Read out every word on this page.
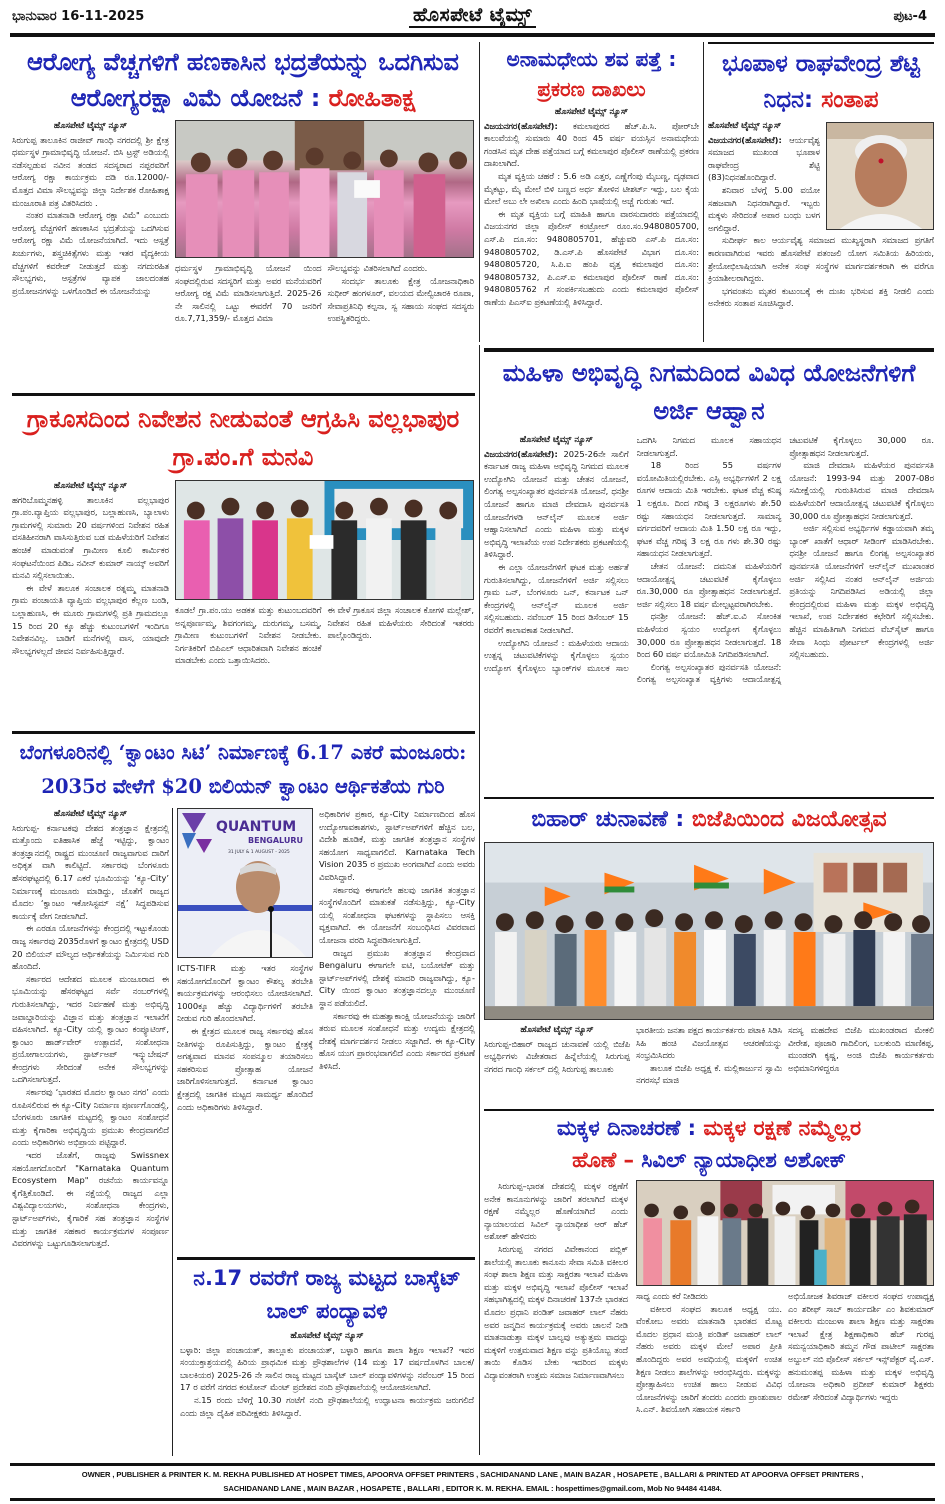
ಭಾನುವಾರ 16-11-2025	ಹೊಸಪೇಟೆ ಟೈಮ್ಸ್	ಪುಟ-4
ಆರೋಗ್ಯ ವೆಚ್ಚಗಳಿಗೆ ಹಣಕಾಸಿನ ಭದ್ರತೆಯನ್ನು ಒದಗಿಸುವ ಆರೋಗ್ಯರಕ್ಷಾ ವಿಮೆ ಯೋಜನೆ : ರೋಹಿತಾಕ್ಷ
ಹೊಸಪೇಟೆ ಟೈಮ್ಸ್ ನ್ಯೂಸ್

ಸಿರುಗುಪ್ಪ ತಾಲೂಕಿನ ರಾಜೀವ್ ಗಾಂಧಿ ನಗರದಲ್ಲಿ ಶ್ರೀ ಕ್ಷೇತ್ರ ಧರ್ಮಸ್ಥಳ ಗ್ರಾಮಾಭಿವೃದ್ಧಿ ಯೋಜನೆ. ಬಿಸಿ ಟ್ರಸ್ಟ್ ಅಡಿಯಲ್ಲಿ ನಡೆಸಲ್ಪಡುವ ನವೀನ ತಂಡದ ಸದಸ್ಯರಾದ ನಪ್ಪರವರಿಗೆ ಆರೋಗ್ಯ ರಕ್ಷಾ ಕಾರ್ಯಕ್ರಮ ದಡಿ ರೂ.12000/- ಮೊತ್ತದ ವಿಮಾ ಸೌಲಭ್ಯವನ್ನು ಜಿಲ್ಲಾ ನಿರ್ದೇಶಕ ರೋಹಿತಾಕ್ಷ ಮಂಜೂರಾತಿ ಪತ್ರ ವಿತರಿಸಿದರು .

ನಂತರ ಮಾತನಾಡಿ ಆರೋಗ್ಯ ರಕ್ಷಾ ವಿಮೆ" ಎಂಬುದು ಆರೋಗ್ಯ ವೆಚ್ಚಗಳಿಗೆ ಹಣಕಾಸಿನ ಭದ್ರತೆಯನ್ನು ಒದಗಿಸುವ ಆರೋಗ್ಯ ರಕ್ಷಾ ವಿಮೆ ಯೋಜನೆಯಾಗಿದೆ. ಇದು ಆಸ್ಪತ್ರೆ ಖರ್ಚುಗಳು, ಶಸ್ತ್ರಚಿಕಿತ್ಸೆಗಳು ಮತ್ತು ಇತರ ವೈದ್ಯಕೀಯ ವೆಚ್ಚಗಳಿಗೆ ಕವರೇಜ್ ನೀಡುತ್ತದೆ ಮತ್ತು ನಗದುರಹಿತ ಸೌಲಭ್ಯಗಳು, ಆಸ್ಪತ್ರೆಗಳ ವ್ಯಾಪಕ ಜಾಲದಂತಹ ಪ್ರಯೋಜನಗಳನ್ನು ಒಳಗೊಂಡಿದೆ ಈ ಯೋಜನೆಯನ್ನು

ಧರ್ಮಸ್ಥಳ ಗ್ರಾಮಾಭಿವೃದ್ಧಿ ಯೋಜನೆ ಯಿಂದ ಸಂಘದಲ್ಲಿರುವ ಸದಸ್ಯರಿಗೆ ಮತ್ತು ಅವರ ಮನೆಯವರಿಗೆ ಆರೋಗ್ಯ ರಕ್ಷ ವಿಮೆ ಮಾಡಿಸಲಾಗುತ್ತಿದೆ. 2025-26 ನೇ ಸಾಲಿನಲ್ಲಿ ಒಟ್ಟು ಈವರೆಗೆ 70 ಜನರಿಗೆ ರೂ.7,71,359/- ಮೊತ್ತದ ವಿಮಾ

ಸೌಲಭ್ಯವನ್ನು ವಿತರಿಸಲಾಗಿದೆ ಎಂದರು.

ಸಂದರ್ಭ ತಾಲೂಕು ಕ್ಷೇತ್ರ ಯೋಜನಾಧಿಕಾರಿ ಸುಧೀರ್ ಹಂಗಳೂರ್, ವಲಯದ ಮೇಲ್ವಿಚಾರಕಿ ರೂಪಾ, ಸೇವಾಪ್ರತಿನಿಧಿ ಕಲ್ಪನಾ, ಸ್ವ ಸಹಾಯ ಸಂಘದ ಸದಸ್ಯರು ಉಪಸ್ಥಿತರಿದ್ದರು.

ಅನಾಮಧೇಯ ಶವ ಪತ್ತೆ :
ಪ್ರಕರಣ ದಾಖಲು
ಹೊಸಪೇಟೆ ಟೈಮ್ಸ್ ನ್ಯೂಸ್

ವಿಜಯನಗರ(ಹೊಸಪೇಟೆ): ಕಮಲಾಪುರದ ಹೆಚ್.ಪಿ.ಸಿ. ಪೋರ್‌ಬೇ ಕಾಲುವೆಯಲ್ಲಿ ಸುಮಾರು 40 ರಿಂದ 45 ವರ್ಷ ವಯಸ್ಸಿನ ಅನಾಮಧೇಯ ಗಂಡಸಿನ ಮೃತ ದೇಹ ಪತ್ತೆಯಾದ ಬಗ್ಗೆ ಕಮಲಾಪುರ ಪೊಲೀಸ್ ಠಾಣೆಯಲ್ಲಿ ಪ್ರಕರಣ ದಾಖಲಾಗಿದೆ.

ಮೃತ ವ್ಯಕ್ತಿಯ ಚಹರೆ : 5.6 ಅಡಿ ಎತ್ತರ, ಎಣ್ಣೆಗೆಂಪು ಮೈಬಣ್ಣ, ದೃಢವಾದ ಮೈಕಟ್ಟು, ಮೈ ಮೇಲೆ ಬಿಳಿ ಬಣ್ಣದ ಅರ್ಧ ತೋಳಿನ ಟೀಶರ್ಟ್ ಇದ್ದು, ಬಲ ಕೈಯ ಮೇಲೆ ಅಬು ಲೇ ಅಖಿಲಾ ಎಂದು ಹಿಂದಿ ಭಾಷೆಯಲ್ಲಿ ಅಚ್ಚೆ ಗುರುತು ಇದೆ.

ಈ ಮೃತ ವ್ಯಕ್ತಿಯ ಬಗ್ಗೆ ಮಾಹಿತಿ ಹಾಗೂ ವಾರಸುದಾರರು ಪತ್ತೆಯಾದಲ್ಲಿ ವಿಜಯನಗರ ಜಿಲ್ಲಾ ಪೊಲೀಸ್ ಕಂಟ್ರೋಲ್ ರೂಂ.ಸಂ.9480805700, ಎಸ್.ಪಿ ದೂ.ಸಂ: 9480805701, ಹೆಚ್ಚುವರಿ ಎಸ್.ಪಿ ದೂ.ಸಂ: 9480805702, ಡಿ.ಎಸ್.ಪಿ ಹೊಸಪೇಟೆ ವಿಭಾಗ ದೂ.ಸಂ: 9480805720, ಸಿ.ಪಿ.ಐ ಹಂಪಿ ವೃತ್ತ ಕಮಲಾಪುರ ದೂ.ಸಂ: 9480805732, ಪಿ.ಎಸ್.ಐ ಕಮಲಾಪುರ ಪೊಲೀಸ್ ಠಾಣೆ ದೂ.ಸಂ: 9480805762 ಗೆ ಸಂಪರ್ಕಿಸಬಹುದು ಎಂದು ಕಮಲಾಪುರ ಪೊಲೀಸ್ ಠಾಣೆಯ ಪಿಎಸ್‌ಐ ಪ್ರಕಟಣೆಯಲ್ಲಿ ತಿಳಿಸಿದ್ದಾರೆ.

ಭೂಪಾಳ ರಾಘವೇಂದ್ರ ಶೆಟ್ಟಿ ನಿಧನ: ಸಂತಾಪ
ಹೊಸಪೇಟೆ ಟೈಮ್ಸ್ ನ್ಯೂಸ್

ವಿಜಯನಗರ(ಹೊಸಪೇಟೆ): ಆರ್ಯವೈಶ್ಯ ಸಮಾಜದ ಮುಖಂಡ ಭೂಪಾಳ ರಾಘವೇಂದ್ರ ಶೆಟ್ಟಿ (83)ನಿಧನಹೊಂದಿದ್ದಾರೆ.

ಶನಿವಾರ ಬೆಳಗ್ಗೆ 5.00 ವಯೋ ಸಹಜವಾಗಿ ನಿಧನರಾಗಿದ್ದಾರೆ. ಇಬ್ಬರು ಮಕ್ಕಳು ಸೇರಿದಂತೆ ಅಪಾರ ಬಂಧು ಬಳಗ ಅಗಲಿದ್ದಾರೆ.

ಸುದೀರ್ಘ ಕಾಲ ಆರ್ಯವೈಶ್ಯ ಸಮಾಜದ ಮುಖ್ಯಸ್ಥರಾಗಿ ಸಮಾಜದ ಪ್ರಗತಿಗೆ ಕಾರಣವಾಗಿರುವ ಇವರು ಹೊಸಪೇಟೆ ಪತಂಜಲಿ ಯೋಗ ಸಮಿತಿಯ ಹಿರಿಯರು, ಶ್ರೇಯೋಭಿಲಾಷಿಯಾಗಿ ಅನೇಕ ಸಂಘ ಸಂಸ್ಥೆಗಳ ಮಾರ್ಗದರ್ಶಕರಾಗಿ ಈ ವರೆಗೂ ಕ್ರಿಯಾಶೀಲರಾಗಿದ್ದರು.

ಭಗವಂತನು ಮೃತರ ಕುಟುಂಬಕ್ಕೆ ಈ ದುಃಖ ಭರಿಸುವ ಶಕ್ತಿ ನೀಡಲಿ ಎಂದು ಅನೇಕರು ಸಂತಾಪ ಸೂಚಿಸಿದ್ದಾರೆ.

ಗ್ರಾಕೂಸದಿಂದ ನಿವೇಶನ ನೀಡುವಂತೆ ಆಗ್ರಹಿಸಿ ವಲ್ಲಭಾಪುರ ಗ್ರಾ.ಪಂ.ಗೆ ಮನವಿ
ಹೊಸಪೇಟೆ ಟೈಮ್ಸ್ ನ್ಯೂಸ್

ಹಗರಿಬೊಮ್ಮನಹಳ್ಳಿ ತಾಲೂಕಿನ ವಲ್ಲಭಾಪುರ ಗ್ರಾ.ಪಂ.ವ್ಯಾಪ್ತಿಯ ವಲ್ಲಭಾಪುರ, ಬಲ್ಲಾಹುಣಸಿ, ಬ್ಯಾಲಾಳು ಗ್ರಾಮಗಳಲ್ಲಿ ಸುಮಾರು 20 ವರ್ಷಗಳಿಂದ ನಿವೇಶನ ರಹಿತ ವಸತಿಹೀನರಾಗಿ ವಾಸಿಸುತ್ತಿರುವ ಬಡ ಮಹಿಳೆಯರಿಗೆ ನಿವೇಶನ ಹಂಚಿಕೆ ಮಾಡುವಂತೆ ಗ್ರಾಮೀಣ ಕೂಲಿ ಕಾರ್ಮಿಕರ ಸಂಘಟನೆಯಿಂದ ಪಿಡಿಒ ನವೀನ್ ಕುಮಾರ್ ನಾಯ್ಕ್ ಅವರಿಗೆ ಮನವಿ ಸಲ್ಲಿಸಲಾಯಿತು.

ಈ ವೇಳೆ ತಾಲೂಕ ಸಂಚಾಲಕ ರತ್ನಮ್ಮ ಮಾತನಾಡಿ ಗ್ರಾಮ ಪಂಚಾಯತಿ ವ್ಯಾಪ್ತಿಯ ವಲ್ಲಭಾಪುರ ಕೆಲ್ಲಣ ಬಂಡಿ, ಬಲ್ಲಾಹುಣಸಿ, ಈ ಮೂರು ಗ್ರಾಮಗಳಲ್ಲಿ ಪ್ರತಿ ಗ್ರಾಮದಲ್ಲೂ 15 ರಿಂದ 20 ಕ್ಕೂ ಹೆಚ್ಚು ಕುಟುಂಬಗಳಿಗೆ ಇಂದಿಗೂ ನಿವೇಶನವಿಲ್ಲ. ಬಾಡಿಗೆ ಮನೆಗಳಲ್ಲಿ ವಾಸ, ಯಾವುದೇ ಸೌಲಭ್ಯಗಳಲ್ಲದೆ ಜೀವನ ನಿರ್ವಹಿಸುತ್ತಿದ್ದಾರೆ.

ಕೂಡಲೆ ಗ್ರಾ.ಪಂ.ಯು ಅಡಕತ ಮತ್ತು ಕುಟುಂಬದವರಿಗೆ ಅನ್ನಪೂರ್ಣಮ್ಮ, ಶಿವಗಂಗಮ್ಮ, ದುರುಗಮ್ಮ, ಬಸಮ್ಮ, ಗ್ರಾಮೀಣ ಕುಟುಂಬಗಳಿಗೆ ನಿವೇಶನ ನೀಡಬೇಕು. ನಿರ್ಗತಿಕರಿಗೆ ಬಿಪಿಎಲ್ ಆಧಾರಿತವಾಗಿ ನಿವೇಶನ ಹಂಚಿಕೆ ಮಾಡಬೇಕು ಎಂದು ಒತ್ತಾಯಿಸಿದರು.

ಈ ವೇಳೆ ಗ್ರಾಕೂಸ ಜಿಲ್ಲಾ ಸಂಚಾಲಕ ಕೋಗಳಿ ಮಲ್ಲೇಶ್, ನಿವೇಶನ ರಹಿತ ಮಹಿಳೆಯರು ಸೇರಿದಂತೆ ಇತರರು ಪಾಲ್ಗೊಂಡಿದ್ದರು.

ಮಹಿಳಾ ಅಭಿವೃದ್ಧಿ ನಿಗಮದಿಂದ ವಿವಿಧ ಯೋಜನೆಗಳಿಗೆ ಅರ್ಜಿ ಆಹ್ವಾನ
ಹೊಸಪೇಟೆ ಟೈಮ್ಸ್ ನ್ಯೂಸ್

ವಿಜಯನಗರ(ಹೊಸಪೇಟೆ): 2025-26ನೇ ಸಾಲಿಗೆ ಕರ್ನಾಟಕ ರಾಜ್ಯ ಮಹಿಳಾ ಅಭಿವೃದ್ಧಿ ನಿಗಮದ ಮೂಲಕ ಉದ್ಯೋಗಿನಿ ಯೋಜನೆ ಮತ್ತು ಚೇತನ ಯೋಜನೆ, ಲಿಂಗತ್ವ ಅಲ್ಪಸಂಖ್ಯಾತರ ಪುನರ್ವಸತಿ ಯೋಜನೆ, ಧನಶ್ರೀ ಯೋಜನೆ ಹಾಗೂ ಮಾಜಿ ದೇವದಾಸಿ ಪುನರ್ವಸತಿ ಯೋಜನೆಗಳಡಿ ಆನ್‌ಲೈನ್ ಮೂಲಕ ಅರ್ಜಿ ಆಹ್ವಾನಿಸಲಾಗಿದೆ ಎಂದು ಮಹಿಳಾ ಮತ್ತು ಮಕ್ಕಳ ಅಭಿವೃದ್ಧಿ ಇಲಾಖೆಯ ಉಪ ನಿರ್ದೇಶಕರು ಪ್ರಕಟಣೆಯಲ್ಲಿ ತಿಳಿಸಿದ್ದಾರೆ.

ಈ ಎಲ್ಲಾ ಯೋಜನೆಗಳಿಗೆ ಘಟಕ ಮತ್ತು ಅರ್ಹತೆ ಗುರುತಿಸಲಾಗಿದ್ದು, ಯೋಜನೆಗಳಿಗೆ ಅರ್ಜಿ ಸಲ್ಲಿಸಲು ಗ್ರಾಮ ಒನ್, ಬೆಂಗಳೂರು ಒನ್, ಕರ್ನಾಟಕ ಒನ್ ಕೇಂದ್ರಗಳಲ್ಲಿ ಆನ್‌ಲೈನ್ ಮೂಲಕ ಅರ್ಜಿ ಸಲ್ಲಿಸಬಹುದು. ನವೆಂಬರ್ 15 ರಿಂದ ಡಿಸೆಂಬರ್ 15 ರವರೆಗೆ ಕಾಲಾವಕಾಶ ನೀಡಲಾಗಿದೆ.

ಉದ್ಯೋಗಿನಿ ಯೋಜನೆ : ಮಹಿಳೆಯರು ಆದಾಯ ಉತ್ಪನ್ನ ಚಟುವಟಿಕೆಗಳನ್ನು ಕೈಗೊಳ್ಳಲು ಸ್ವಯಂ ಉದ್ಯೋಗ ಕೈಗೊಳ್ಳಲು ಬ್ಯಾಂಕ್‌ಗಳ ಮೂಲಕ ಸಾಲ ಒದಗಿಸಿ ನಿಗಮದ ಮೂಲಕ ಸಹಾಯಧನ ನೀಡಲಾಗುತ್ತದೆ.

18 ರಿಂದ 55 ವರ್ಷಗಳ ವಯೋಮಿತಿಯಲ್ಲಿರಬೇಕು. ಎಸ್ಸಿ ಅಭ್ಯರ್ಥಿಗಳಿಗೆ 2 ಲಕ್ಷ ರೂಗಳ ಆದಾಯ ಮಿತಿ ಇರಬೇಕು. ಘಟಕ ವೆಚ್ಚ ಕನಿಷ್ಠ 1 ಲಕ್ಷರೂ. ದಿಂದ ಗರಿಷ್ಠ 3 ಲಕ್ಷರೂಗಳು ಶೇ.50 ರಷ್ಟು ಸಹಾಯಧನ ನೀಡಲಾಗುತ್ತದೆ. ಸಾಮಾನ್ಯ ವರ್ಗದವರಿಗೆ ಆದಾಯ ಮಿತಿ 1.50 ಲಕ್ಷ ರೂ ಇದ್ದು, ಘಟಕ ವೆಚ್ಚ ಗರಿಷ್ಠ 3 ಲಕ್ಷ ರೂ ಗಳು ಶೇ.30 ರಷ್ಟು ಸಹಾಯಧನ ನೀಡಲಾಗುತ್ತದೆ.

ಚೇತನ ಯೋಜನೆ: ದಮನಿತ ಮಹಿಳೆಯರಿಗೆ ಆದಾಯೋತ್ಪನ್ನ ಚಟುವಟಿಕೆ ಕೈಗೊಳ್ಳಲು ರೂ.30,000 ರೂ ಪ್ರೋತ್ಸಾಹಧನ ನೀಡಲಾಗುತ್ತದೆ. ಅರ್ಜಿ ಸಲ್ಲಿಸಲು 18 ವರ್ಷ ಮೇಲ್ಪಟ್ಟವರಾಗಿರಬೇಕು.

ಧನಶ್ರೀ ಯೋಜನೆ: ಹೆಚ್.ಐ.ವಿ ಸೋಂಕಿತ ಮಹಿಳೆಯರ ಸ್ವಯಂ ಉದ್ಯೋಗ ಕೈಗೊಳ್ಳಲು 30,000 ರೂ ಪ್ರೋತ್ಸಾಹಧನ ನೀಡಲಾಗುತ್ತದೆ. 18 ರಿಂದ 60 ವರ್ಷ ವಯೋಮಿತಿ ನಿಗದಿಪಡಿಸಲಾಗಿದೆ.

ಲಿಂಗತ್ವ ಅಲ್ಪಸಂಖ್ಯಾತರ ಪುನರ್ವಸತಿ ಯೋಜನೆ: ಲಿಂಗತ್ವ ಅಲ್ಪಸಂಖ್ಯಾತ ವ್ಯಕ್ತಿಗಳು ಆದಾಯೋತ್ಪನ್ನ ಚಟುವಟಿಕೆ ಕೈಗೊಳ್ಳಲು 30,000 ರೂ. ಪ್ರೋತ್ಸಾಹಧನ ನೀಡಲಾಗುತ್ತದೆ.

ಮಾಜಿ ದೇವದಾಸಿ ಮಹಿಳೆಯರ ಪುನರ್ವಸತಿ ಯೋಜನೆ: 1993-94 ಮತ್ತು 2007-08ರ ಸಮೀಕ್ಷೆಯಲ್ಲಿ ಗುರುತಿಸಿರುವ ಮಾಜಿ ದೇವದಾಸಿ ಮಹಿಳೆಯರಿಗೆ ಆದಾಯೋತ್ಪನ್ನ ಚಟುವಟಿಕೆ ಕೈಗೊಳ್ಳಲು 30,000 ರೂ ಪ್ರೋತ್ಸಾಹಧನ ನೀಡಲಾಗುತ್ತದೆ.

ಅರ್ಜಿ ಸಲ್ಲಿಸುವ ಅಭ್ಯರ್ಥಿಗಳ ಕಡ್ಡಾಯವಾಗಿ ತಮ್ಮ ಬ್ಯಾಂಕ್ ಖಾತೆಗೆ ಆಧಾರ್ ಸೀಡಿಂಗ್ ಮಾಡಿಸಿರಬೇಕು. ಧನಶ್ರೀ ಯೋಜನೆ ಹಾಗೂ ಲಿಂಗತ್ವ ಅಲ್ಪಸಂಖ್ಯಾತರ ಪುನರ್ವಸತಿ ಯೋಜನೆಗಳಿಗೆ ಆನ್‌ಲೈನ್ ಮುಖಾಂತರ ಅರ್ಜಿ ಸಲ್ಲಿಸಿದ ನಂತರ ಆನ್‌ಲೈನ್ ಅರ್ಜಿಯ ಪ್ರತಿಯನ್ನು ನಿಗದಿಪಡಿಸಿದ ಅಡಿಯಲ್ಲಿ ಜಿಲ್ಲಾ ಕೇಂದ್ರದಲ್ಲಿರುವ ಮಹಿಳಾ ಮತ್ತು ಮಕ್ಕಳ ಅಭಿವೃದ್ಧಿ ಇಲಾಖೆ, ಉಪ ನಿರ್ದೇಶಕರ ಕಛೇರಿಗೆ ಸಲ್ಲಿಸಬೇಕು. ಹೆಚ್ಚಿನ ಮಾಹಿತಿಗಾಗಿ ನಿಗಮದ ವೆಬ್‌ಸೈಟ್ ಹಾಗೂ ಸೇವಾ ಸಿಂಧು ಪೋರ್ಟಲ್ ಕೇಂದ್ರಗಳಲ್ಲಿ ಅರ್ಜಿ ಸಲ್ಲಿಸಬಹುದು.

ಬೆಂಗಳೂರಿನಲ್ಲಿ ‘ಕ್ವಾಂಟಂ ಸಿಟಿ’ ನಿರ್ಮಾಣಕ್ಕೆ 6.17 ಎಕರೆ ಮಂಜೂರು: 2035ರ ವೇಳೆಗೆ $20 ಬಿಲಿಯನ್ ಕ್ವಾಂಟಂ ಆರ್ಥಿಕತೆಯ ಗುರಿ
ಹೊಸಪೇಟೆ ಟೈಮ್ಸ್ ನ್ಯೂಸ್

ಸಿರುಗುಪ್ಪ- ಕರ್ನಾಟಕವು ದೇಶದ ತಂತ್ರಜ್ಞಾನ ಕ್ಷೇತ್ರದಲ್ಲಿ ಮತ್ತೊಂದು ಐತಿಹಾಸಿಕ ಹೆಜ್ಜೆ ಇಟ್ಟಿದ್ದು, ಕ್ವಾಂಟಂ ತಂತ್ರಜ್ಞಾನದಲ್ಲಿ ರಾಷ್ಟ್ರದ ಮುಂಚೂಣಿ ರಾಜ್ಯವಾಗುವ ದಾರಿಗೆ ಅಧಿಕೃತ ವಾಗಿ ಕಾಲಿಟ್ಟಿದೆ. ಸರ್ಕಾರವು ಬೆಂಗಳೂರು ಹೆಸರಘಟ್ಟದಲ್ಲಿ 6.17 ಎಕರೆ ಭೂಮಿಯನ್ನು ‘ಕ್ಯೂ-City’ ನಿರ್ಮಾಣಕ್ಕೆ ಮಂಜೂರು ಮಾಡಿದ್ದು, ಜೊತೆಗೆ ರಾಜ್ಯದ ಮೊದಲ ‘ಕ್ವಾಂಟಂ ಇಕೋಸಿಸ್ಟಮ್ ನಕ್ಷೆ’ ಸಿದ್ಧಪಡಿಸುವ ಕಾರ್ಯಕ್ಕೆ ವೇಗ ನೀಡಲಾಗಿದೆ.

ಈ ಎರಡೂ ಯೋಜನೆಗಳನ್ನು ಕೇಂದ್ರದಲ್ಲಿ ಇಟ್ಟುಕೊಂಡು ರಾಜ್ಯ ಸರ್ಕಾರವು 2035ರೊಳಗೆ ಕ್ವಾಂಟಂ ಕ್ಷೇತ್ರದಲ್ಲಿ USD 20 ಬಿಲಿಯನ್ ಮೌಲ್ಯದ ಆರ್ಥಿಕತೆಯನ್ನು ನಿರ್ಮಿಸುವ ಗುರಿ ಹೊಂದಿದೆ.

ಸರ್ಕಾರದ ಆದೇಶದ ಮೂಲಕ ಮಂಜೂರಾದ ಈ ಭೂಮಿಯನ್ನು ಹೆಸರಘಟ್ಟದ ಸರ್ವೆ ನಂಬರ್‌ಗಳಲ್ಲಿ ಗುರುತಿಸಲಾಗಿದ್ದು, ಇದರ ನಿರ್ವಹಣೆ ಮತ್ತು ಅಭಿವೃದ್ಧಿ ಜವಾಬ್ದಾರಿಯನ್ನು ವಿಜ್ಞಾನ ಮತ್ತು ತಂತ್ರಜ್ಞಾನ ಇಲಾಖೆಗೆ ವಹಿಸಲಾಗಿದೆ. ಕ್ಯೂ-City ಯಲ್ಲಿ ಕ್ವಾಂಟಂ ಕಂಪ್ಯೂಟಿಂಗ್, ಕ್ವಾಂಟಂ ಹಾರ್ಡ್‌ವೇರ್ ಉತ್ಪಾದನೆ, ಸಂಶೋಧನಾ ಪ್ರಯೋಗಾಲಯಗಳು, ಸ್ಟಾರ್ಟ್‌ಅಪ್ ಇನ್ಕ್ಯುಬೇಷನ್ ಕೇಂದ್ರಗಳು ಸೇರಿದಂತೆ ಅನೇಕ ಸೌಲಭ್ಯಗಳನ್ನು ಒದಗಿಸಲಾಗುತ್ತದೆ.

ಸರ್ಕಾರವು ‘ಭಾರತದ ಮೊದಲ ಕ್ವಾಂಟಂ ನಗರ’ ಎಂದು ರೂಪಿಸಲಿರುವ ಈ ಕ್ಯೂ-City ನಿರ್ಮಾಣ ಪೂರ್ಣಗೊಂಡಲ್ಲಿ, ಬೆಂಗಳೂರು ಜಾಗತಿಕ ಮಟ್ಟದಲ್ಲಿ ಕ್ವಾಂಟಂ ಸಂಶೋಧನೆ ಮತ್ತು ಕೈಗಾರಿಕಾ ಅಭಿವೃದ್ಧಿಯ ಪ್ರಮುಖ ಕೇಂದ್ರವಾಗಲಿದೆ ಎಂದು ಅಧಿಕಾರಿಗಳು ಅಭಿಪ್ರಾಯ ಪಟ್ಟಿದ್ದಾರೆ.

ಇದರ ಜೊತೆಗೆ, ರಾಜ್ಯವು Swissnex ಸಹಯೋಗದೊಂದಿಗೆ "Karnataka Quantum Ecosystem Map" ರಚನೆಯ ಕಾರ್ಯವನ್ನೂ ಕೈಗೆತ್ತಿಕೊಂಡಿದೆ. ಈ ನಕ್ಷೆಯಲ್ಲಿ ರಾಜ್ಯದ ಎಲ್ಲಾ ವಿಶ್ವವಿದ್ಯಾಲಯಗಳು, ಸಂಶೋಧನಾ ಕೇಂದ್ರಗಳು, ಸ್ಟಾರ್ಟ್‌ಅಪ್‌ಗಳು, ಕೈಗಾರಿಕೆ ಸಹ ತಂತ್ರಜ್ಞಾನ ಸಂಸ್ಥೆಗಳ ಮತ್ತು ಜಾಗತಿಕ ಸಹಕಾರ ಕಾರ್ಯಕ್ರಮಗಳ ಸಂಪೂರ್ಣ ವಿವರಗಳನ್ನು ಒಟ್ಟುಗೂಡಿಸಲಾಗುತ್ತದೆ.

QUANTUM
BENGALURU
31 JULY & 1 AUGUST - 2025

ICTS-TIFR ಮತ್ತು ಇತರ ಸಂಸ್ಥೆಗಳ ಸಹಯೋಗದೊಂದಿಗೆ ಕ್ವಾಂಟಂ ಕೌಶಲ್ಯ ತರಬೇತಿ ಕಾರ್ಯಕ್ರಮಗಳನ್ನು ಆರಂಭಿಸಲು ಯೋಜಿಸಲಾಗಿದೆ. 1000ಕ್ಕೂ ಹೆಚ್ಚು ವಿದ್ಯಾರ್ಥಿಗಳಿಗೆ ತರಬೇತಿ ನೀಡುವ ಗುರಿ ಹೊಂದಲಾಗಿದೆ.

ಈ ಕ್ಷೇತ್ರದ ಮೂಲಕ ರಾಜ್ಯ ಸರ್ಕಾರವು ಹೊಸ ನೀತಿಗಳನ್ನು ರೂಪಿಸುತ್ತಿದ್ದು, ಕ್ವಾಂಟಂ ಕ್ಷೇತ್ರಕ್ಕೆ ಅಗತ್ಯವಾದ ಮಾನವ ಸಂಪನ್ಮೂಲ ತಯಾರಿಸಲು ಸಹಕರಿಸುವ ಪ್ರೋತ್ಸಾಹ ಯೋಜನೆ ಜಾರಿಗೊಳಿಸಲಾಗುತ್ತದೆ. ಕರ್ನಾಟಕ ಕ್ವಾಂಟಂ ಕ್ಷೇತ್ರದಲ್ಲಿ ಜಾಗತಿಕ ಮಟ್ಟದ ಸಾಮರ್ಥ್ಯ ಹೊಂದಿದೆ ಎಂದು ಅಧಿಕಾರಿಗಳು ತಿಳಿಸಿದ್ದಾರೆ.

ಅಧಿಕಾರಿಗಳ ಪ್ರಕಾರ, ಕ್ಯೂ-City ನಿರ್ಮಾಣದಿಂದ ಹೊಸ ಉದ್ಯೋಗಾವಕಾಶಗಳು, ಸ್ಟಾರ್ಟ್‌ಅಪ್‌ಗಳಿಗೆ ಹೆಚ್ಚಿನ ಬಲ, ವಿದೇಶಿ ಹೂಡಿಕೆ, ಮತ್ತು ಜಾಗತಿಕ ತಂತ್ರಜ್ಞಾನ ಸಂಸ್ಥೆಗಳ ಸಹಯೋಗ ಸಾಧ್ಯವಾಗಲಿದೆ. Karnataka Tech Vision 2035 ರ ಪ್ರಮುಖ ಅಂಗವಾಗಿದೆ ಎಂದು ಅವರು ವಿವರಿಸಿದ್ದಾರೆ.

ಸರ್ಕಾರವು ಈಗಾಗಲೇ ಹಲವು ಜಾಗತಿಕ ತಂತ್ರಜ್ಞಾನ ಸಂಸ್ಥೆಗಳೊಂದಿಗೆ ಮಾತುಕತೆ ನಡೆಸುತ್ತಿದ್ದು, ಕ್ಯೂ-City ಯಲ್ಲಿ ಸಂಶೋಧನಾ ಘಟಕಗಳನ್ನು ಸ್ಥಾಪಿಸಲು ಆಸಕ್ತಿ ವ್ಯಕ್ತವಾಗಿದೆ. ಈ ಯೋಜನೆಗೆ ಸಂಬಂಧಿಸಿದ ವಿವರವಾದ ಯೋಜನಾ ವರದಿ ಸಿದ್ಧಪಡಿಸಲಾಗುತ್ತಿದೆ.

ರಾಜ್ಯದ ಪ್ರಮುಖ ತಂತ್ರಜ್ಞಾನ ಕೇಂದ್ರವಾದ Bengaluru ಈಗಾಗಲೇ ಐಟಿ, ಬಯೋಟೆಕ್ ಮತ್ತು ಸ್ಟಾರ್ಟ್‌ಅಪ್‌ಗಳಲ್ಲಿ ದೇಶಕ್ಕೆ ಮಾದರಿ ರಾಜ್ಯವಾಗಿದ್ದು, ಕ್ಯೂ-City ಯಿಂದ ಕ್ವಾಂಟಂ ತಂತ್ರಜ್ಞಾನದಲ್ಲೂ ಮುಂಚೂಣಿ ಸ್ಥಾನ ಪಡೆಯಲಿದೆ.

ಸರ್ಕಾರವು ಈ ಮಹತ್ವಾಕಾಂಕ್ಷಿ ಯೋಜನೆಯನ್ನು ಜಾರಿಗೆ ತರುವ ಮೂಲಕ ಸಂಶೋಧನೆ ಮತ್ತು ಉದ್ಯಮ ಕ್ಷೇತ್ರದಲ್ಲಿ ದೇಶಕ್ಕೆ ಮಾರ್ಗದರ್ಶನ ನೀಡಲು ಸಜ್ಜಾಗಿದೆ. ಈ ಕ್ಯೂ-City ಹೊಸ ಯುಗ ಪ್ರಾರಂಭವಾಗಲಿದೆ ಎಂದು ಸರ್ಕಾರದ ಪ್ರಕಟಣೆ ತಿಳಿಸಿದೆ.

ನ.17 ರವರೆಗೆ ರಾಜ್ಯ ಮಟ್ಟದ ಬಾಸ್ಕೆಟ್ ಬಾಲ್ ಪಂದ್ಯಾವಳಿ
ಹೊಸಪೇಟೆ ಟೈಮ್ಸ್ ನ್ಯೂಸ್

ಬಳ್ಳಾರಿ: ಜಿಲ್ಲಾ ಪಂಚಾಯತ್, ತಾಲ್ಲೂಕು ಪಂಚಾಯತ್, ಬಳ್ಳಾರಿ ಹಾಗೂ ಶಾಲಾ ಶಿಕ್ಷಣ ಇಲಾಖೆ? ಇವರ ಸಂಯುಕ್ತಾಶ್ರಯದಲ್ಲಿ ಹಿರಿಯ ಪ್ರಾಥಮಿಕ ಮತ್ತು ಪ್ರೌಢಶಾಲೆಗಳ (14 ಮತ್ತು 17 ವರ್ಷದೊಳಗಿನ ಬಾಲಕ/ಬಾಲಕಿಯರ) 2025-26 ನೇ ಸಾಲಿನ ರಾಜ್ಯ ಮಟ್ಟದ ಬಾಸ್ಕೆಟ್ ಬಾಲ್ ಪಂದ್ಯಾವಳಿಗಳನ್ನು ನವೆಂಬರ್ 15 ರಿಂದ 17 ರ ವರೆಗೆ ನಗರದ ಕಂಟೋನ್ ಮೆಂಟ್ ಪ್ರದೇಶದ ನಂದಿ ಪ್ರೌಢಶಾಲೆಯಲ್ಲಿ ಆಯೋಜಿಸಲಾಗಿದೆ.

ನ.15 ರಂದು ಬೆಳಿಗ್ಗೆ 10.30 ಗಂಟೆಗೆ ನಂದಿ ಪ್ರೌಢಶಾಲೆಯಲ್ಲಿ ಉದ್ಘಾಟನಾ ಕಾರ್ಯಕ್ರಮ ಜರುಗಲಿದೆ ಎಂದು ಜಿಲ್ಲಾ ದೈಹಿಕ ಪರಿವೀಕ್ಷಕರು ತಿಳಿಸಿದ್ದಾರೆ.

ಬಿಹಾರ್ ಚುನಾವಣೆ : ಬಿಜೆಪಿಯಿಂದ ವಿಜಯೋತ್ಸವ
ಹೊಸಪೇಟೆ ಟೈಮ್ಸ್ ನ್ಯೂಸ್

ಸಿರುಗುಪ್ಪ-ಬಿಹಾರ್ ರಾಜ್ಯದ ಚುನಾವಣೆ ಯಲ್ಲಿ ಬಿಜೆಪಿ ಅಭ್ಯರ್ಥಿಗಳು ವಿಜೇತರಾದ ಹಿನ್ನೆಲೆಯಲ್ಲಿ ಸಿರುಗುಪ್ಪ ನಗರದ ಗಾಂಧಿ ಸರ್ಕಲ್ ದಲ್ಲಿ ಸಿರುಗುಪ್ಪ ತಾಲೂಕು

ಭಾರತೀಯ ಜನತಾ ಪಕ್ಷದ ಕಾರ್ಯಕರ್ತರು ಪಟಾಕಿ ಸಿಡಿಸಿ ಸಿಹಿ ಹಂಚಿ ವಿಜಯೋತ್ಸವ ಆಚರಣೆಯನ್ನು ಸಂಭ್ರಮಿಸಿದರು

ತಾಲೂಕ ಬಿಜೆಪಿ ಅಧ್ಯಕ್ಷ ಕೆ. ಮಲ್ಲಿಕಾರ್ಜುನ ಸ್ವಾಮಿ ನಗರಸಭೆ ಮಾಜಿ

ಸದಸ್ಯ ಮಹದೇವ ಬಿಜೆಪಿ ಮುಖಂಡರಾದ ಮೇಕಲಿ ವೀರೇಶ, ಪೂಜಾರಿ ಗಾದಿಲಿಂಗ, ಬಲಕುಂದಿ ಮಾಣಿಕಪ್ಪ, ಮುಂಡರಗಿ ಕೃಷ್ಣ, ಅಂಜಿ ಬಿಜೆಪಿ ಕಾರ್ಯಕರ್ತರು ಅಭಿಮಾನಿಗಳಿದ್ದರೂ

ಮಕ್ಕಳ ದಿನಾಚರಣೆ : ಮಕ್ಕಳ ರಕ್ಷಣೆ ನಮ್ಮೆಲ್ಲರ
ಹೊಣೆ – ಸಿವಿಲ್ ನ್ಯಾಯಾಧೀಶ ಅಶೋಕ್

ಸಿರುಗುಪ್ಪ–ಭಾರತ ದೇಶದಲ್ಲಿ ಮಕ್ಕಳ ರಕ್ಷಣೆಗೆ ಅನೇಕ ಕಾನೂನುಗಳನ್ನು ಜಾರಿಗೆ ತರಲಾಗಿದೆ ಮಕ್ಕಳ ರಕ್ಷಣೆ ನಮ್ಮೆಲ್ಲರ ಹೊಣೆಯಾಗಿದೆ ಎಂದು ನ್ಯಾಯಾಲಯದ ಸಿವಿಲ್ ನ್ಯಾಯಾಧೀಶ ಆರ್ ಹೆಚ್ ಅಶೋಕ್ ಹೇಳಿದರು

ಸಿರುಗುಪ್ಪ ನಗರದ ವಿವೇಕಾನಂದ ಪಬ್ಲಿಕ್ ಶಾಲೆಯಲ್ಲಿ ತಾಲೂಕು ಕಾನೂನು ಸೇವಾ ಸಮಿತಿ ವಕೀಲರ ಸಂಘ ಶಾಲಾ ಶಿಕ್ಷಣ ಮತ್ತು ಸಾಕ್ಷರತಾ ಇಲಾಖೆ ಮಹಿಳಾ ಮತ್ತು ಮಕ್ಕಳ ಅಭಿವೃದ್ಧಿ ಇಲಾಖೆ ಪೊಲೀಸ್ ಇಲಾಖೆ ಸಹಭಾಗಿತ್ವದಲ್ಲಿ ಮಕ್ಕಳ ದಿನಾಚರಣೆ 137ನೇ ಭಾರತದ ಮೊದಲ ಪ್ರಧಾನಿ ಪಂಡಿತ್ ಜವಾಹರ್ ಲಾಲ್ ನೆಹರು ಅವರ ಜನ್ಮದಿನ ಕಾರ್ಯಕ್ರಮಕ್ಕೆ ಅವರು ಚಾಲನೆ ನೀಡಿ ಮಾತನಾಡುತ್ತಾ ಮಕ್ಕಳ ಬಾಲ್ಯವು ಅತ್ಯುತ್ತಮ ವಾದದ್ದು ಮಕ್ಕಳಿಗೆ ಉತ್ತಮವಾದ ಶಿಕ್ಷಣ ವನ್ನು ಪ್ರತಿಯೊಬ್ಬ ತಂದೆ ತಾಯಿ ಕೊಡಿಸ ಬೇಕು ಇದರಿಂದ ಮಕ್ಕಳು ವಿದ್ಯಾವಂತರಾಗಿ ಉತ್ತಮ ಸಮಾಜ ನಿರ್ಮಾಣವಾಗಿಸಲು

ಸಾಧ್ಯ ಎಂದು ಕರೆ ನೀಡಿದರು

ವಕೀಲರ ಸಂಘದ ತಾಲೂಕ ಅಧ್ಯಕ್ಷ ಯು. ವೆಂಕೋಬ ಅವರು ಮಾತನಾಡಿ ಭಾರತದ ಮೊಟ್ಟ ಮೊದಲ ಪ್ರಧಾನ ಮಂತ್ರಿ ಪಂಡಿತ್ ಜವಾಹರ್ ಲಾಲ್ ನೆಹರು ಅವರು ಮಕ್ಕಳ ಮೇಲೆ ಅಪಾರ ಪ್ರೀತಿ ಹೊಂದಿದ್ದರು ಅವರ ಅವಧಿಯಲ್ಲಿ ಮಕ್ಕಳಿಗೆ ಉಚಿತ ಶಿಕ್ಷಣ ನೀಡಲು ಶಾಲೆಗಳನ್ನು ಆರಂಭಿಸಿದ್ದರು. ಮಕ್ಕಳನ್ನು ಪ್ರೋತ್ಸಾಹಿಸಲು ಉಚಿತ ಹಾಲು ನೀಡುವ ವಿವಿಧ ಯೋಜನೆಗಳನ್ನು ಜಾರಿಗೆ ತಂದರು ಎಂದರು ಪ್ರಾಂಶುಪಾಲ ಸಿ.ಎನ್. ಶಿವಯೋಗಿ ಸಹಾಯಕ ಸರ್ಕಾರಿ

ಅಭಿಯೋಜಕ ಶಿವರಾಜ್ ವಕೀಲರ ಸಂಘದ ಉಪಾಧ್ಯಕ್ಷ ಎಂ ಶರೀಫ್ ಸಾಬ್ ಕಾರ್ಯದರ್ಶಿ ಎಂ ಶಿವಕುಮಾರ್ ವಕೀಲರು ಮಂಜುಳಾ ಶಾಲಾ ಶಿಕ್ಷಣ ಮತ್ತು ಸಾಕ್ಷರತಾ ಇಲಾಖೆ ಕ್ಷೇತ್ರ ಶಿಕ್ಷಣಾಧಿಕಾರಿ ಹೆಚ್ ಗುರಪ್ಪ ಸಮನ್ವಯಾಧಿಕಾರಿ ತಮ್ಮನ ಗೌಡ ಪಾಟೀಲ್ ಸಾಕ್ಷರತಾ ಅಬ್ದುಲ್ ನಬಿ ಪೊಲೀಸ್ ಸರ್ಕಲ್ ಇನ್ಸ್‌ಪೆಕ್ಟರ್ ವೈ.ಎಸ್. ಹನುಮಂತಪ್ಪ ಮಹಿಳಾ ಮತ್ತು ಮಕ್ಕಳ ಅಭಿವೃದ್ಧಿ ಯೋಜನಾ ಅಧಿಕಾರಿ ಪ್ರದೀಪ್ ಕುಮಾರ್ ಶಿಕ್ಷಕರು ರಮೇಶ್ ಸೇರಿದಂತೆ ವಿದ್ಯಾರ್ಥಿಗಳು ಇದ್ದರು

OWNER , PUBLISHER & PRINTER K. M. REKHA PUBLISHED AT HOSPET TIMES, APOORVA OFFSET PRINTERS , SACHIDANAND LANE , MAIN BAZAR , HOSAPETE , BALLARI & PRINTED AT APOORVA OFFSET PRINTERS ,
SACHIDANAND LANE , MAIN BAZAR , HOSAPETE , BALLARI , EDITOR K. M. REKHA. EMAIL : hospettimes@gmail.com, Mob No 94484 41484.
